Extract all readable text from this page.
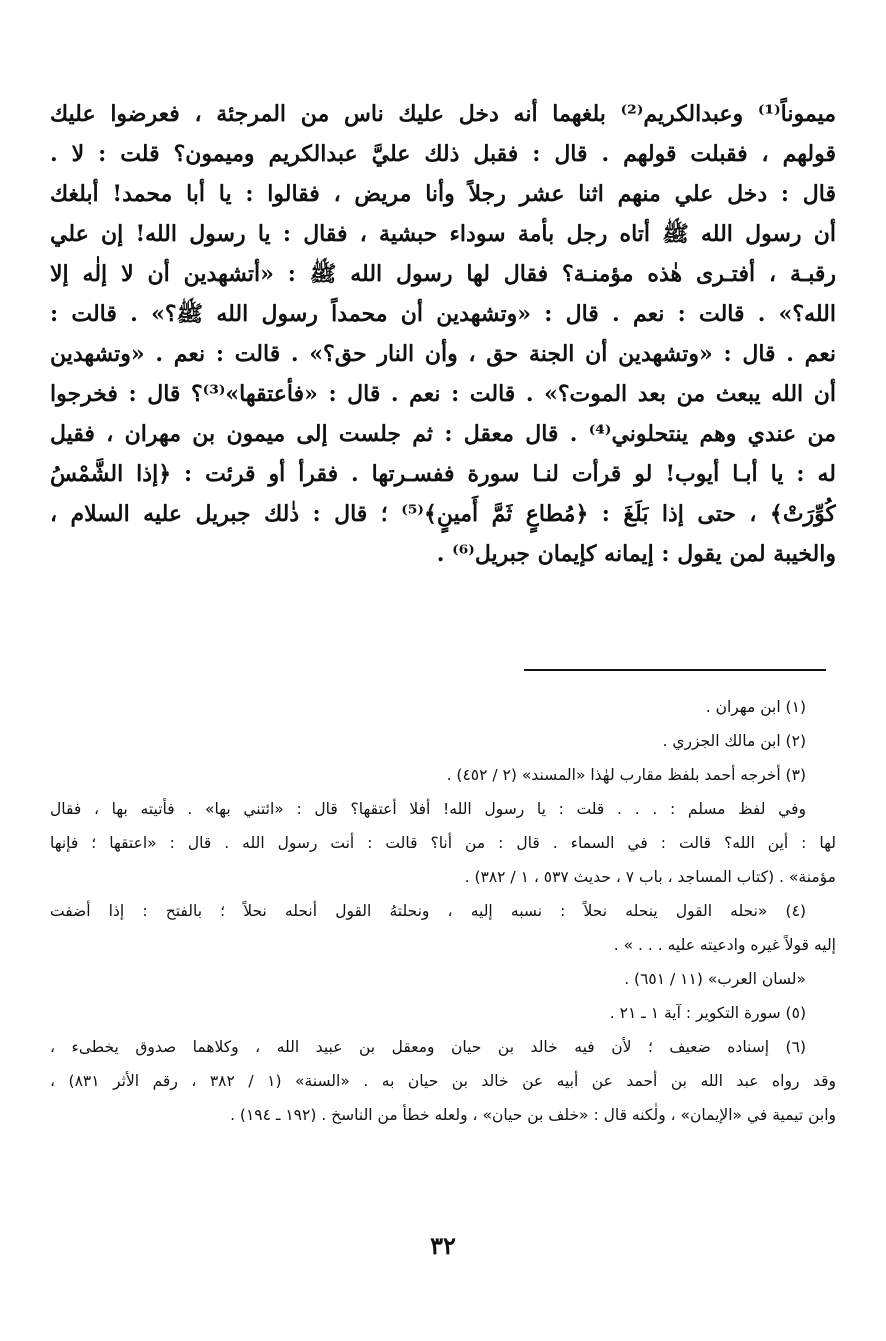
ميموناً⁽¹⁾ وعبدالكريم⁽²⁾ بلغهما أنه دخل عليك ناس من المرجئة ، فعرضوا عليك
قولهم ، فقبلت قولهم . قال : فقبل ذلك عليَّ عبدالكريم وميمون؟ قلت : لا .
قال : دخل علي منهم اثنا عشر رجلاً وأنا مريض ، فقالوا : يا أبا محمد! أبلغك
أن رسول الله ﷺ أتاه رجل بأمة سوداء حبشية ، فقال : يا رسول الله! إن علي
رقبـة ، أفتـرى هٰذه مؤمنـة؟ فقال لها رسول الله ﷺ : «أتشهدين أن لا إلٰه إلا
الله؟» . قالت : نعم . قال : «وتشهدين أن محمداً رسول الله ﷺ؟» . قالت :
نعم . قال : «وتشهدين أن الجنة حق ، وأن النار حق؟» . قالت : نعم . «وتشهدين
أن الله يبعث من بعد الموت؟» . قالت : نعم . قال : «فأعتقها»⁽³⁾؟ قال : فخرجوا
من عندي وهم ينتحلوني⁽⁴⁾ . قال معقل : ثم جلست إلى ميمون بن مهران ، فقيل
له : يا أبـا أيوب! لو قرأت لنـا سورة ففسـرتها . فقرأ أو قرئت : ﴿إذا الشَّمْسُ
كُوِّرَتْ﴾ ، حتى إذا بَلَغَ : ﴿مُطاعٍ ثَمَّ أَمينٍ﴾⁽⁵⁾ ؛ قال : ذٰلك جبريل عليه السلام ،
والخيبة لمن يقول : إيمانه كإيمان جبريل⁽⁶⁾ .
(١) ابن مهران .
(٢) ابن مالك الجزري .
(٣) أخرجه أحمد بلفظ مقارب لهٰذا «المسند» (٢ / ٤٥٢) .
وفي لفظ مسلم : . . . قلت : يا رسول الله! أفلا أعتقها؟ قال : «ائتني بها» . فأتيته بها ، فقال
لها : أين الله؟ قالت : في السماء . قال : من أنا؟ قالت : أنت رسول الله . قال : «اعتقها ؛ فإنها
مؤمنة» . (كتاب المساجد ، باب ٧ ، حديث ٥٣٧ ، ١ / ٣٨٢) .
(٤) «نحله القول ينحله نحلاً : نسبه إليه ، ونحلتهُ القول أنحله نحلاً ؛ بالفتح : إذا أضفت
إليه قولاً غيره وادعيته عليه . . . » .
«لسان العرب» (١١ / ٦٥١) .
(٥) سورة التكوير : آية ١ ـ ٢١ .
(٦) إسناده ضعيف ؛ لأن فيه خالد بن حيان ومعقل بن عبيد الله ، وكلاهما صدوق يخطىء ،
وقد رواه عبد الله بن أحمد عن أبيه عن خالد بن حيان به . «السنة» (١ / ٣٨٢ ، رقم الأثر ٨٣١) ،
وابن تيمية في «الإيمان» ، ولٰكنه قال : «خلف بن حيان» ، ولعله خطأ من الناسخ . (١٩٢ ـ ١٩٤) .
٣٢
